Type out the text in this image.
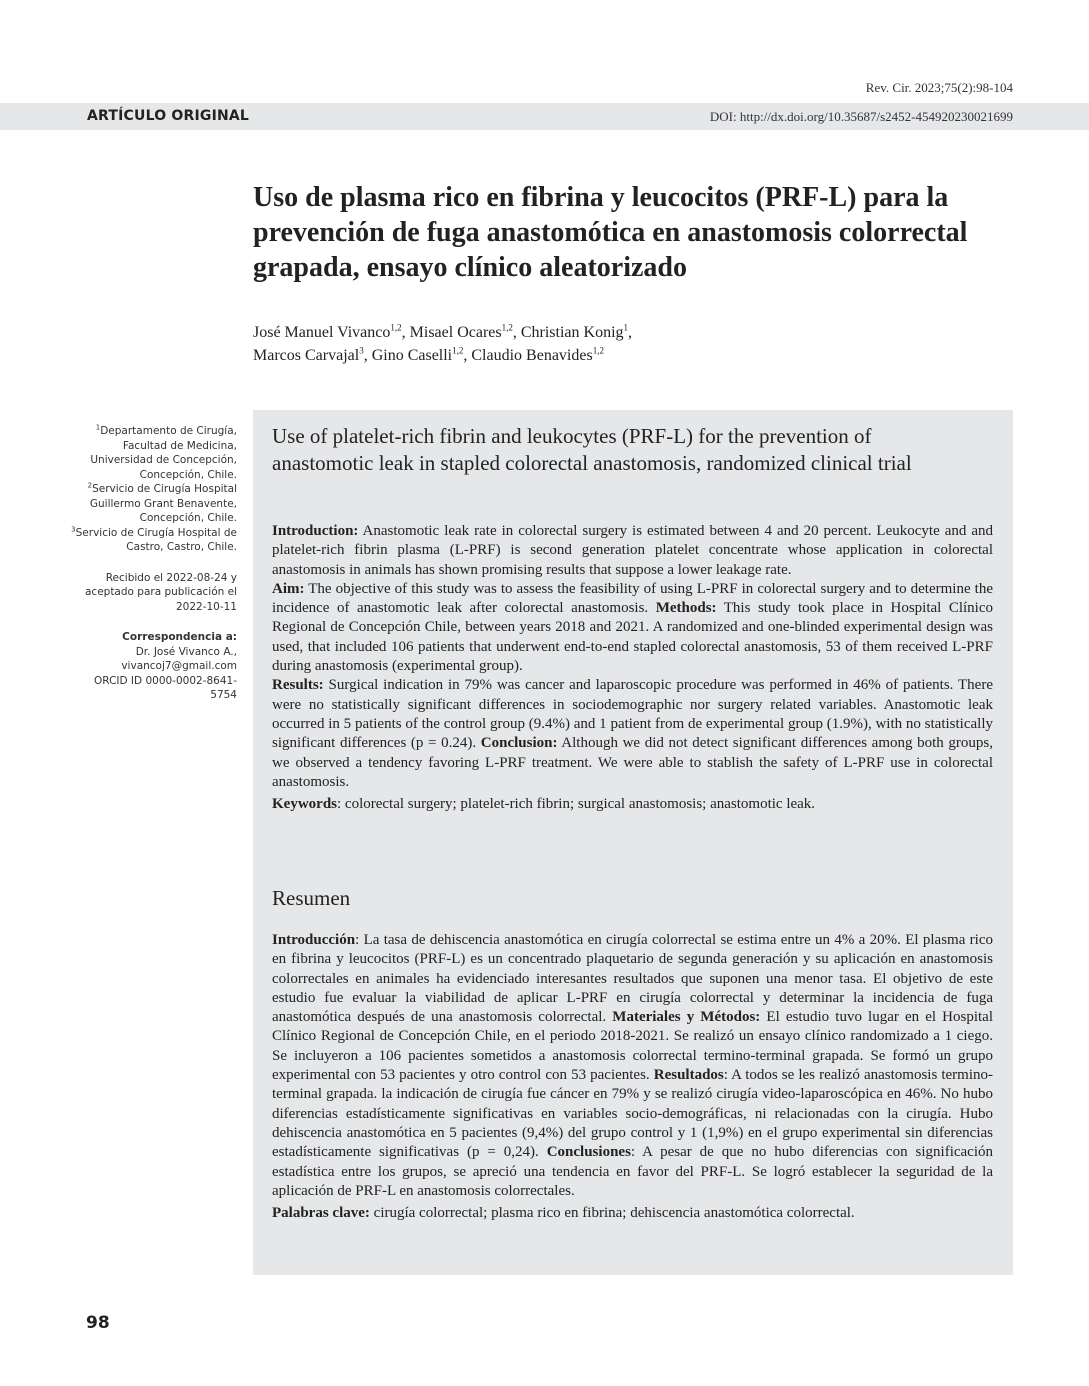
Rev. Cir. 2023;75(2):98-104
ARTÍCULO ORIGINAL	DOI: http://dx.doi.org/10.35687/s2452-454920230021699
Uso de plasma rico en fibrina y leucocitos (PRF-L) para la prevención de fuga anastomótica en anastomosis colorrectal grapada, ensayo clínico aleatorizado
José Manuel Vivanco$^{1,2}$, Misael Ocares$^{1,2}$, Christian Konig$^1$,
Marcos Carvajal$^3$, Gino Caselli$^{1,2}$, Claudio Benavides$^{1,2}$
$^1$Departamento de Cirugía, Facultad de Medicina, Universidad de Concepción, Concepción, Chile.
$^2$Servicio de Cirugía Hospital Guillermo Grant Benavente, Concepción, Chile.
$^3$Servicio de Cirugía Hospital de Castro, Castro, Chile.
Recibido el 2022-08-24 y aceptado para publicación el 2022-10-11
Correspondencia a:
Dr. José Vivanco A.,
vivancoj7@gmail.com
ORCID ID 0000-0002-8641-5754
Use of platelet-rich fibrin and leukocytes (PRF-L) for the prevention of anastomotic leak in stapled colorectal anastomosis, randomized clinical trial
Introduction: Anastomotic leak rate in colorectal surgery is estimated between 4 and 20 percent. Leukocyte and and platelet-rich fibrin plasma (L-PRF) is second generation platelet concentrate whose application in colorectal anastomosis in animals has shown promising results that suppose a lower leakage rate.
Aim: The objective of this study was to assess the feasibility of using L-PRF in colorectal surgery and to determine the incidence of anastomotic leak after colorectal anastomosis. Methods: This study took place in Hospital Clínico Regional de Concepción Chile, between years 2018 and 2021. A randomized and one-blinded experimental design was used, that included 106 patients that underwent end-to-end stapled colorectal anastomosis, 53 of them received L-PRF during anastomosis (experimental group).
Results: Surgical indication in 79% was cancer and laparoscopic procedure was performed in 46% of patients. There were no statistically significant differences in sociodemographic nor surgery related variables. Anastomotic leak occurred in 5 patients of the control group (9.4%) and 1 patient from de experimental group (1.9%), with no statistically significant differences (p = 0.24). Conclusion: Although we did not detect significant differences among both groups, we observed a tendency favoring L-PRF treatment. We were able to stablish the safety of L-PRF use in colorectal anastomosis.
Keywords: colorectal surgery; platelet-rich fibrin; surgical anastomosis; anastomotic leak.
Resumen
Introducción: La tasa de dehiscencia anastomótica en cirugía colorrectal se estima entre un 4% a 20%. El plasma rico en fibrina y leucocitos (PRF-L) es un concentrado plaquetario de segunda generación y su aplicación en anastomosis colorrectales en animales ha evidenciado interesantes resultados que suponen una menor tasa. El objetivo de este estudio fue evaluar la viabilidad de aplicar L-PRF en cirugía colorrectal y determinar la incidencia de fuga anastomótica después de una anastomosis colorrectal. Materiales y Métodos: El estudio tuvo lugar en el Hospital Clínico Regional de Concepción Chile, en el periodo 2018-2021. Se realizó un ensayo clínico randomizado a 1 ciego. Se incluyeron a 106 pacientes sometidos a anastomosis colorrectal termino-terminal grapada. Se formó un grupo experimental con 53 pacientes y otro control con 53 pacientes. Resultados: A todos se les realizó anastomosis termino-terminal grapada. la indicación de cirugía fue cáncer en 79% y se realizó cirugía video-laparoscópica en 46%. No hubo diferencias estadísticamente significativas en variables socio-demográficas, ni relacionadas con la cirugía. Hubo dehiscencia anastomótica en 5 pacientes (9,4%) del grupo control y 1 (1,9%) en el grupo experimental sin diferencias estadísticamente significativas (p = 0,24). Conclusiones: A pesar de que no hubo diferencias con significación estadística entre los grupos, se apreció una tendencia en favor del PRF-L. Se logró establecer la seguridad de la aplicación de PRF-L en anastomosis colorrectales.
Palabras clave: cirugía colorrectal; plasma rico en fibrina; dehiscencia anastomótica colorrectal.
98
